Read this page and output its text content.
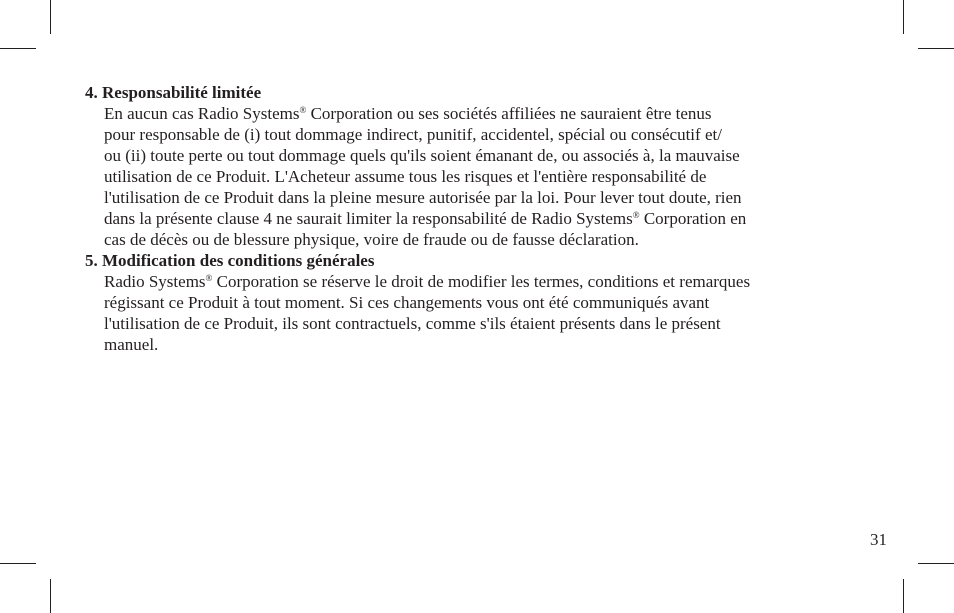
4. Responsabilité limitée
En aucun cas Radio Systems® Corporation ou ses sociétés affiliées ne sauraient être tenus
pour responsable de (i) tout dommage indirect, punitif, accidentel, spécial ou consécutif et/
ou (ii) toute perte ou tout dommage quels qu'ils soient émanant de, ou associés à, la mauvaise
utilisation de ce Produit. L'Acheteur assume tous les risques et l'entière responsabilité de
l'utilisation de ce Produit dans la pleine mesure autorisée par la loi. Pour lever tout doute, rien
dans la présente clause 4 ne saurait limiter la responsabilité de Radio Systems® Corporation en
cas de décès ou de blessure physique, voire de fraude ou de fausse déclaration.
5. Modification des conditions générales
Radio Systems® Corporation se réserve le droit de modifier les termes, conditions et remarques
régissant ce Produit à tout moment. Si ces changements vous ont été communiqués avant
l'utilisation de ce Produit, ils sont contractuels, comme s'ils étaient présents dans le présent
manuel.
31
